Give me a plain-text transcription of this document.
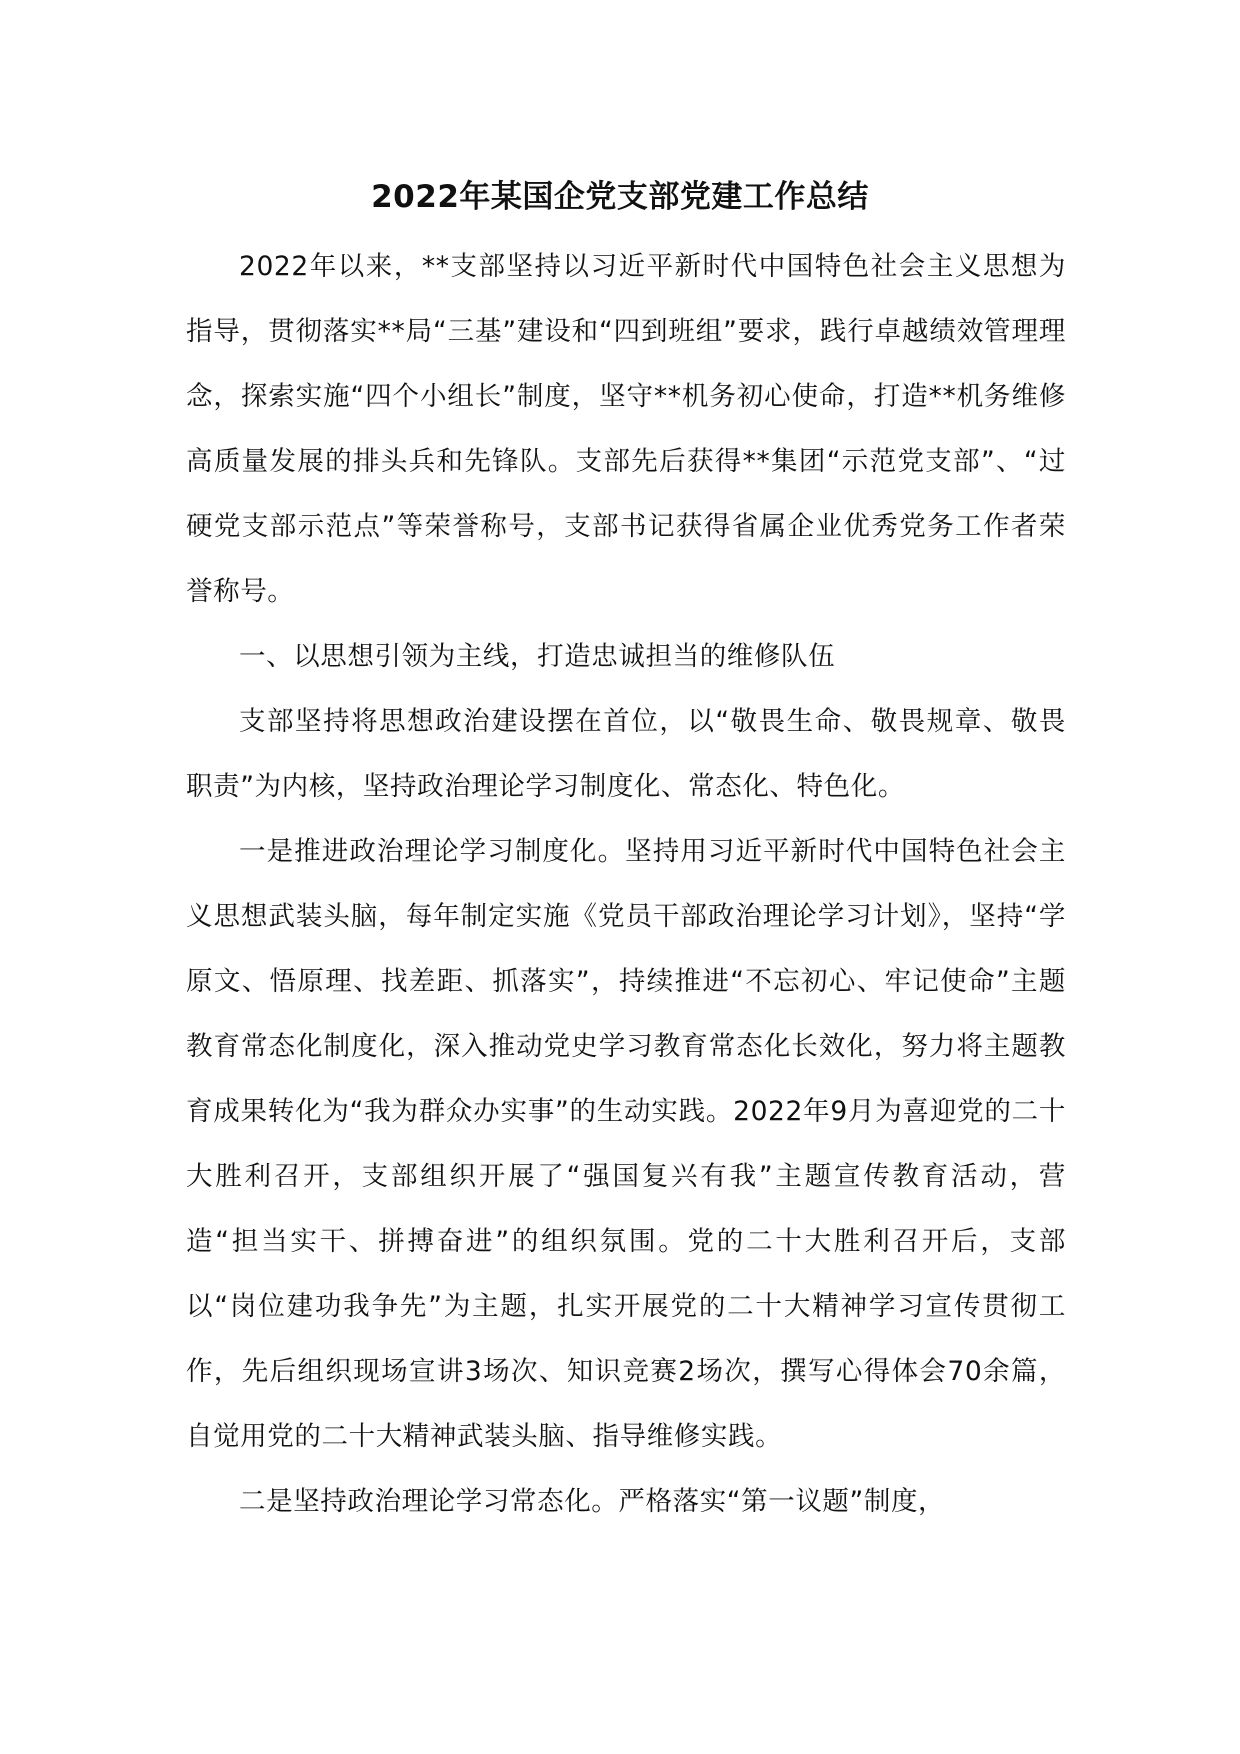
2022年某国企党支部党建工作总结

2022年以来，**支部坚持以习近平新时代中国特色社会主义思想为指导，贯彻落实**局“三基”建设和“四到班组”要求，践行卓越绩效管理理念，探索实施“四个小组长”制度，坚守**机务初心使命，打造**机务维修高质量发展的排头兵和先锋队。支部先后获得**集团“示范党支部”、“过硬党支部示范点”等荣誉称号，支部书记获得省属企业优秀党务工作者荣誉称号。

一、以思想引领为主线，打造忠诚担当的维修队伍

支部坚持将思想政治建设摆在首位，以“敬畏生命、敬畏规章、敬畏职责”为内核，坚持政治理论学习制度化、常态化、特色化。

一是推进政治理论学习制度化。坚持用习近平新时代中国特色社会主义思想武装头脑，每年制定实施《党员干部政治理论学习计划》，坚持“学原文、悟原理、找差距、抓落实”，持续推进“不忘初心、牢记使命”主题教育常态化制度化，深入推动党史学习教育常态化长效化，努力将主题教育成果转化为“我为群众办实事”的生动实践。2022年9月为喜迎党的二十大胜利召开，支部组织开展了“强国复兴有我”主题宣传教育活动，营造“担当实干、拼搏奋进”的组织氛围。党的二十大胜利召开后，支部以“岗位建功我争先”为主题，扎实开展党的二十大精神学习宣传贯彻工作，先后组织现场宣讲3场次、知识竞赛2场次，撰写心得体会70余篇，自觉用党的二十大精神武装头脑、指导维修实践。

二是坚持政治理论学习常态化。严格落实“第一议题”制度，
